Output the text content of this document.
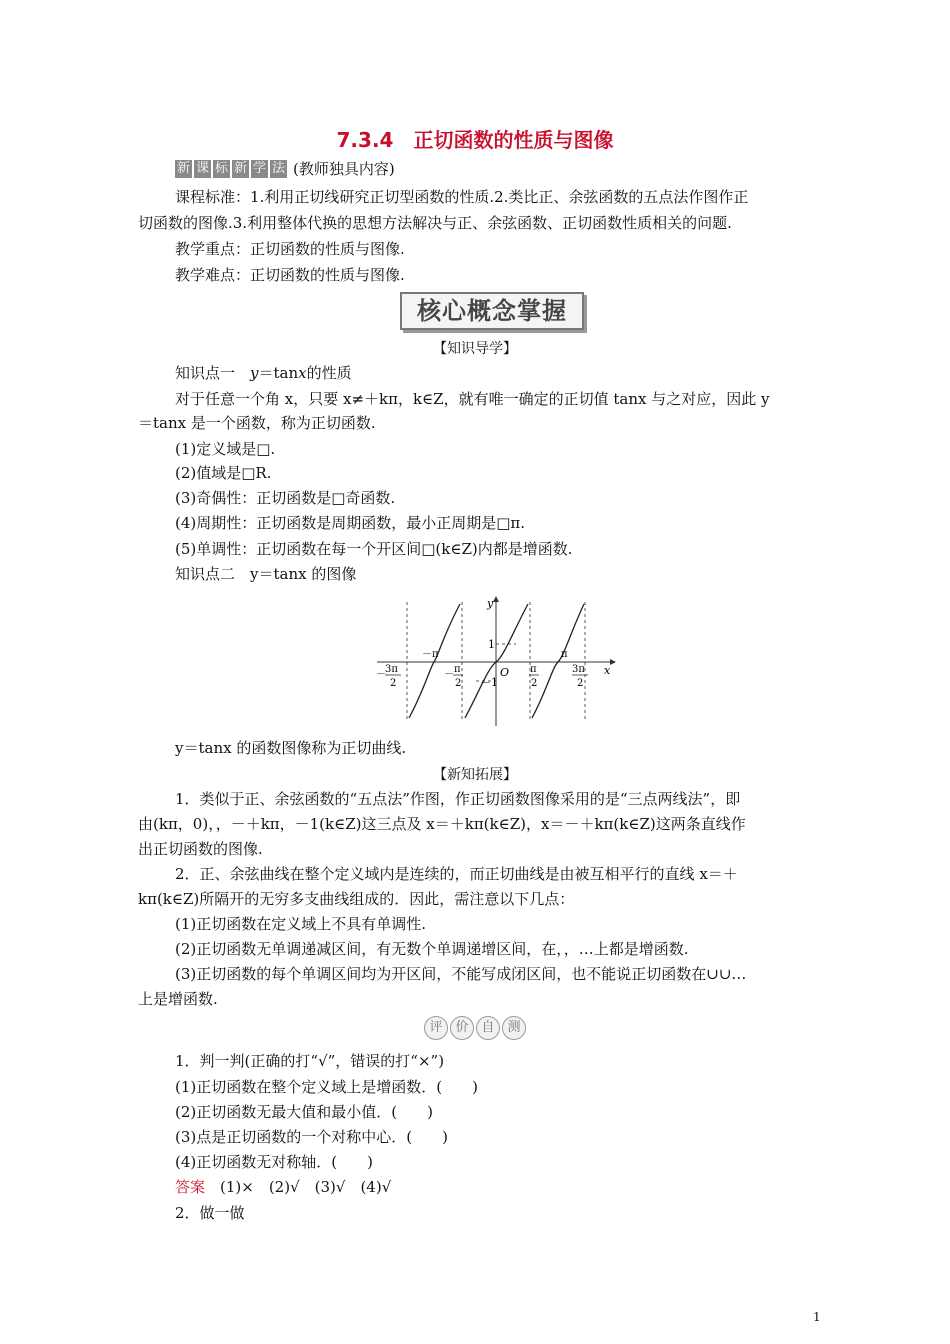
7.3.4　正切函数的性质与图像
新 课 标 新 学 法 (教师独具内容)
课程标准：1.利用正切线研究正切型函数的性质.2.类比正、余弦函数的五点法作图作正
切函数的图像.3.利用整体代换的思想方法解决与正、余弦函数、正切函数性质相关的问题.
教学重点：正切函数的性质与图像.
教学难点：正切函数的性质与图像.
核心概念掌握
【知识导学】
知识点一　y＝tanx的性质
对于任意一个角 x，只要 x≠＋kπ，k∈Z，就有唯一确定的正切值 tanx 与之对应，因此 y
＝tanx 是一个函数，称为正切函数.
(1)定义域是□.
(2)值域是□R.
(3)奇偶性：正切函数是□奇函数.
(4)周期性：正切函数是周期函数，最小正周期是□π.
(5)单调性：正切函数在每一个开区间□(k∈Z)内都是增函数.
知识点二　y＝tanx 的图像
y
x
O
1
－1
－π	π
－ 3π
2
－ π
2
π
2
3π
2
y＝tanx 的函数图像称为正切曲线.
【新知拓展】
1．类似于正、余弦函数的“五点法”作图，作正切函数图像采用的是“三点两线法”，即
由(kπ，0)，，－＋kπ，－1(k∈Z)这三点及 x＝＋kπ(k∈Z)，x＝－＋kπ(k∈Z)这两条直线作
出正切函数的图像.
2．正、余弦曲线在整个定义域内是连续的，而正切曲线是由被互相平行的直线 x＝＋
kπ(k∈Z)所隔开的无穷多支曲线组成的．因此，需注意以下几点：
(1)正切函数在定义域上不具有单调性.
(2)正切函数无单调递减区间，有无数个单调递增区间，在，，…上都是增函数.
(3)正切函数的每个单调区间均为开区间，不能写成闭区间，也不能说正切函数在∪∪…
上是增函数.
评 价 自 测
1．判一判(正确的打“√”，错误的打“×”)
(1)正切函数在整个定义域上是增函数．(　　)
(2)正切函数无最大值和最小值．(　　)
(3)点是正切函数的一个对称中心．(　　)
(4)正切函数无对称轴．(　　)
答案　(1)×　(2)√　(3)√　(4)√
2．做一做
1
